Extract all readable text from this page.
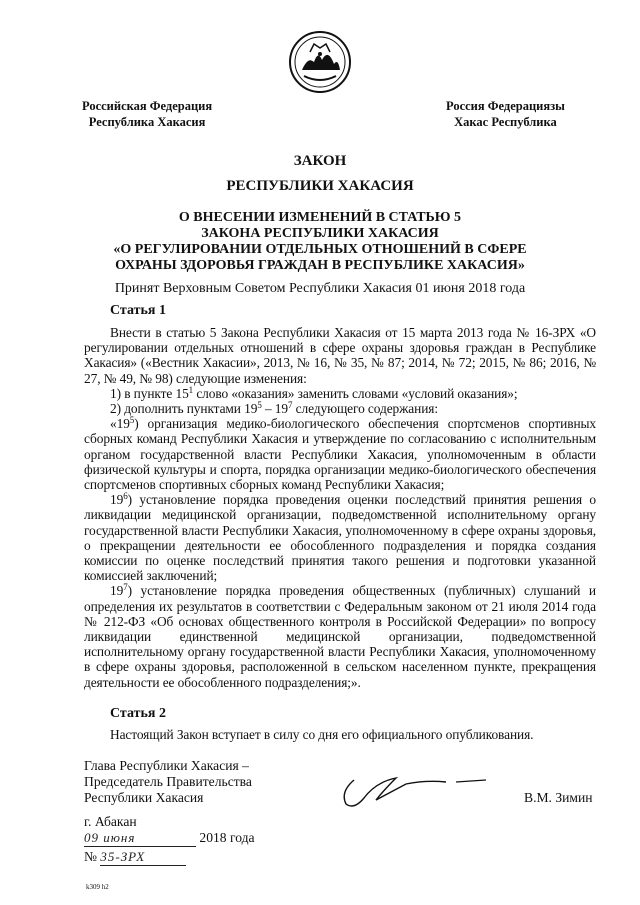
Российская Федерация
Республика Хакасия
Россия Федерациязы
Хакас Республика
ЗАКОН
РЕСПУБЛИКИ ХАКАСИЯ
О ВНЕСЕНИИ ИЗМЕНЕНИЙ В СТАТЬЮ 5
ЗАКОНА РЕСПУБЛИКИ ХАКАСИЯ
«О РЕГУЛИРОВАНИИ ОТДЕЛЬНЫХ ОТНОШЕНИЙ В СФЕРЕ
ОХРАНЫ ЗДОРОВЬЯ ГРАЖДАН В РЕСПУБЛИКЕ ХАКАСИЯ»
Принят Верховным Советом Республики Хакасия 01 июня 2018 года
Статья 1

Внести в статью 5 Закона Республики Хакасия от 15 марта 2013 года № 16-ЗРХ «О регулировании отдельных отношений в сфере охраны здоровья граждан в Республике Хакасия» («Вестник Хакасии», 2013, № 16, № 35, № 87; 2014, № 72; 2015, № 86; 2016, № 27, № 49, № 98) следующие изменения:

1) в пункте $15^1$ слово «оказания» заменить словами «условий оказания»;

2) дополнить пунктами $19^5 - 19^7$ следующего содержания:

«$19^5$) организация медико-биологического обеспечения спортсменов спортивных сборных команд Республики Хакасия и утверждение по согласованию с исполнительным органом государственной власти Республики Хакасия, уполномоченным в области физической культуры и спорта, порядка организации медико-биологического обеспечения спортсменов спортивных сборных команд Республики Хакасия;

$19^6$) установление порядка проведения оценки последствий принятия решения о ликвидации медицинской организации, подведомственной исполнительному органу государственной власти Республики Хакасия, уполномоченному в сфере охраны здоровья, о прекращении деятельности ее обособленного подразделения и порядка создания комиссии по оценке последствий принятия такого решения и подготовки указанной комиссией заключений;

$19^7$) установление порядка проведения общественных (публичных) слушаний и определения их результатов в соответствии с Федеральным законом от 21 июля 2014 года № 212-ФЗ «Об основах общественного контроля в Российской Федерации» по вопросу ликвидации единственной медицинской организации, подведомственной исполнительному органу государственной власти Республики Хакасия, уполномоченному в сфере охраны здоровья, расположенной в сельском населенном пункте, прекращения деятельности ее обособленного подразделения;».

Статья 2

Настоящий Закон вступает в силу со дня его официального опубликования.

Глава Республики Хакасия –
Председатель Правительства
Республики Хакасия	В.М. Зимин
г. Абакан
09 июня	2018 года
№ 35-ЗРХ
k309 h2
